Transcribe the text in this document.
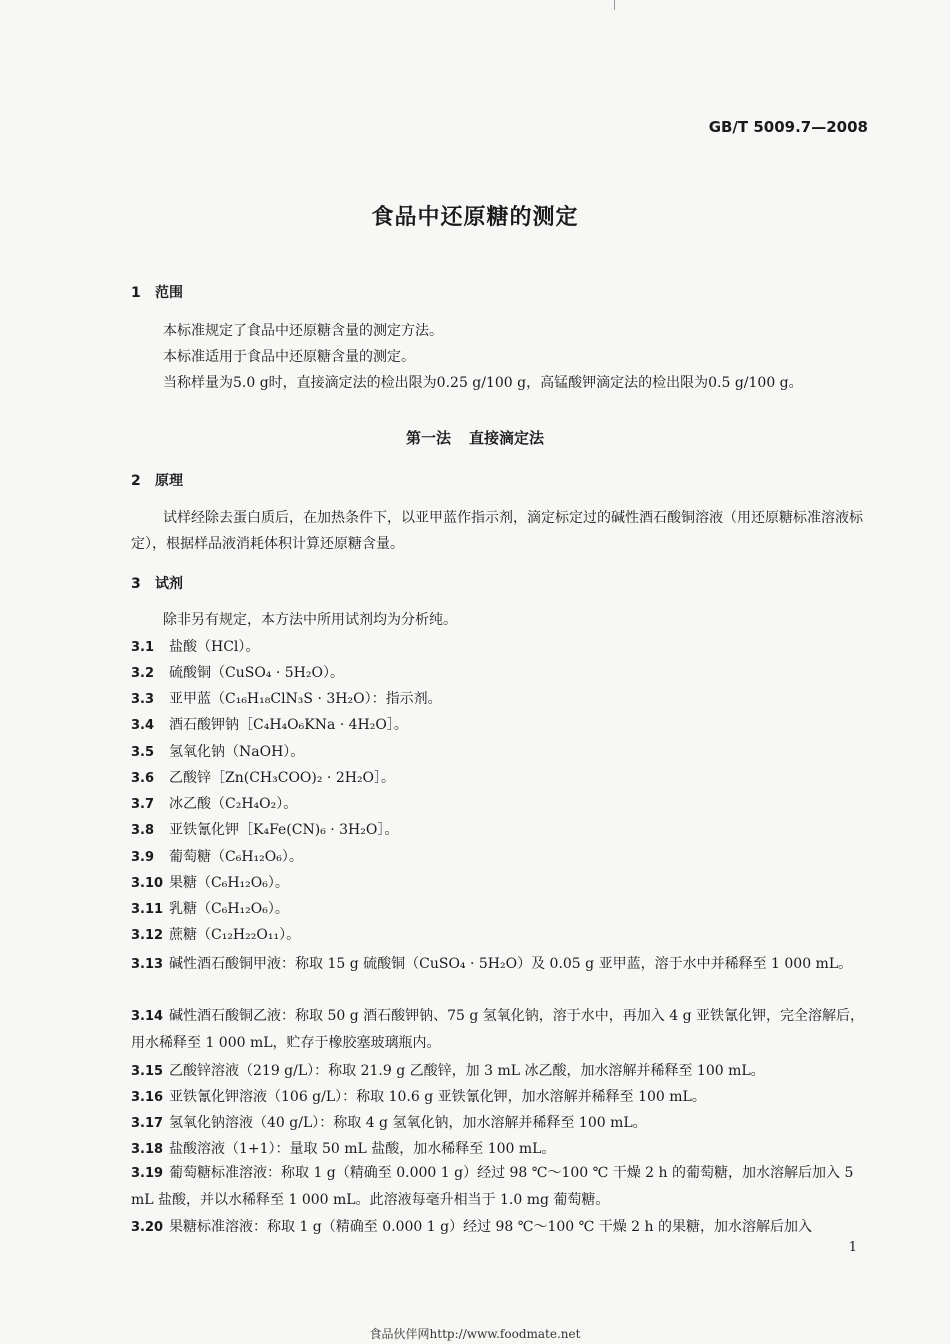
GB/T 5009.7—2008
食品中还原糖的测定
1 范围
本标准规定了食品中还原糖含量的测定方法。
本标准适用于食品中还原糖含量的测定。
当称样量为5.0 g时，直接滴定法的检出限为0.25 g/100 g，高锰酸钾滴定法的检出限为0.5 g/100 g。
第一法 直接滴定法
2 原理
试样经除去蛋白质后，在加热条件下，以亚甲蓝作指示剂，滴定标定过的碱性酒石酸铜溶液（用还原糖标准溶液标定），根据样品液消耗体积计算还原糖含量。
3 试剂
除非另有规定，本方法中所用试剂均为分析纯。
3.1 盐酸（HCl）。
3.2 硫酸铜（CuSO₄ · 5H₂O）。
3.3 亚甲蓝（C₁₆H₁₈ClN₃S · 3H₂O）：指示剂。
3.4 酒石酸钾钠［C₄H₄O₆KNa · 4H₂O］。
3.5 氢氧化钠（NaOH）。
3.6 乙酸锌［Zn(CH₃COO)₂ · 2H₂O］。
3.7 冰乙酸（C₂H₄O₂）。
3.8 亚铁氰化钾［K₄Fe(CN)₆ · 3H₂O］。
3.9 葡萄糖（C₆H₁₂O₆）。
3.10 果糖（C₆H₁₂O₆）。
3.11 乳糖（C₆H₁₂O₆）。
3.12 蔗糖（C₁₂H₂₂O₁₁）。
3.13 碱性酒石酸铜甲液：称取 15 g 硫酸铜（CuSO₄ · 5H₂O）及 0.05 g 亚甲蓝，溶于水中并稀释至 1 000 mL。
3.14 碱性酒石酸铜乙液：称取 50 g 酒石酸钾钠、75 g 氢氧化钠，溶于水中，再加入 4 g 亚铁氰化钾，完全溶解后，用水稀释至 1 000 mL，贮存于橡胶塞玻璃瓶内。
3.15 乙酸锌溶液（219 g/L）：称取 21.9 g 乙酸锌，加 3 mL 冰乙酸，加水溶解并稀释至 100 mL。
3.16 亚铁氰化钾溶液（106 g/L）：称取 10.6 g 亚铁氰化钾，加水溶解并稀释至 100 mL。
3.17 氢氧化钠溶液（40 g/L）：称取 4 g 氢氧化钠，加水溶解并稀释至 100 mL。
3.18 盐酸溶液（1+1）：量取 50 mL 盐酸，加水稀释至 100 mL。
3.19 葡萄糖标准溶液：称取 1 g（精确至 0.000 1 g）经过 98 ℃～100 ℃ 干燥 2 h 的葡萄糖，加水溶解后加入 5 mL 盐酸，并以水稀释至 1 000 mL。此溶液每毫升相当于 1.0 mg 葡萄糖。
3.20 果糖标准溶液：称取 1 g（精确至 0.000 1 g）经过 98 ℃～100 ℃ 干燥 2 h 的果糖，加水溶解后加入
1
食品伙伴网http://www.foodmate.net
